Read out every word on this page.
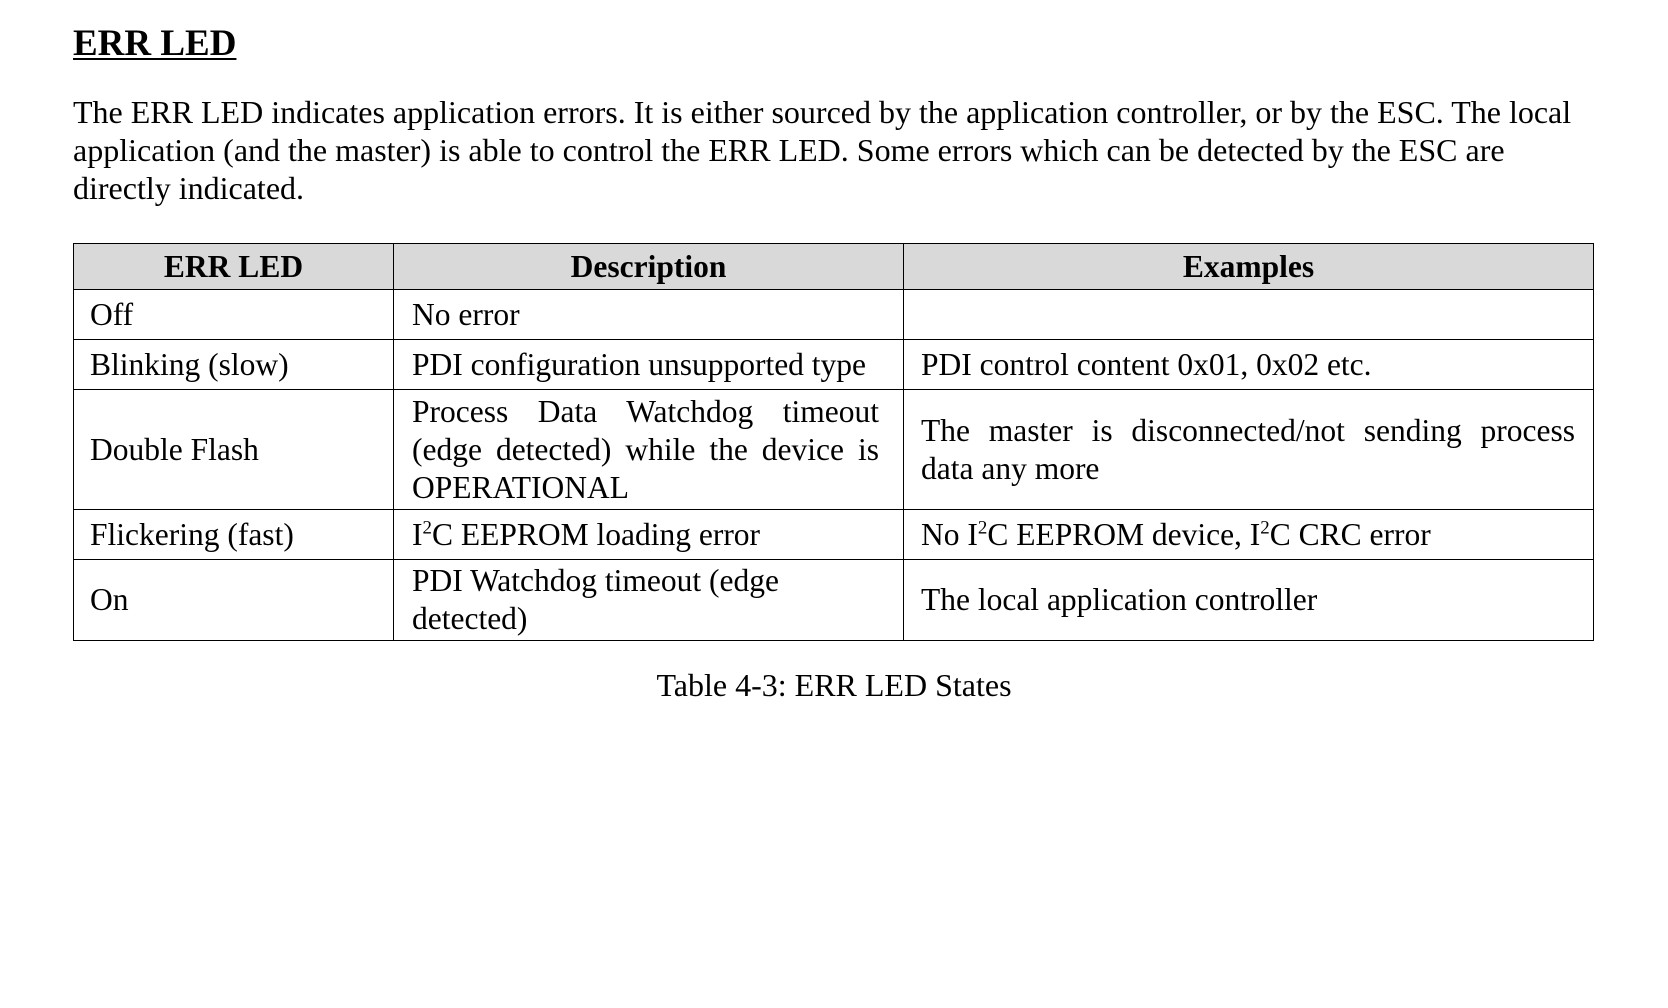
ERR LED

The ERR LED indicates application errors. It is either sourced by the application controller, or by the ESC. The local application (and the master) is able to control the ERR LED. Some errors which can be detected by the ESC are directly indicated.

ERR LED	Description	Examples
Off	No error	
Blinking (slow)	PDI configuration unsupported type	PDI control content 0x01, 0x02 etc.
Double Flash	Process Data Watchdog timeout (edge detected) while the device is OPERATIONAL	The master is disconnected/not sending process data any more
Flickering (fast)	$I^2C$ EEPROM loading error	No $I^2C$ EEPROM device, $I^2C$ CRC error
On	PDI Watchdog timeout (edge detected)	The local application controller

Table 4-3: ERR LED States
